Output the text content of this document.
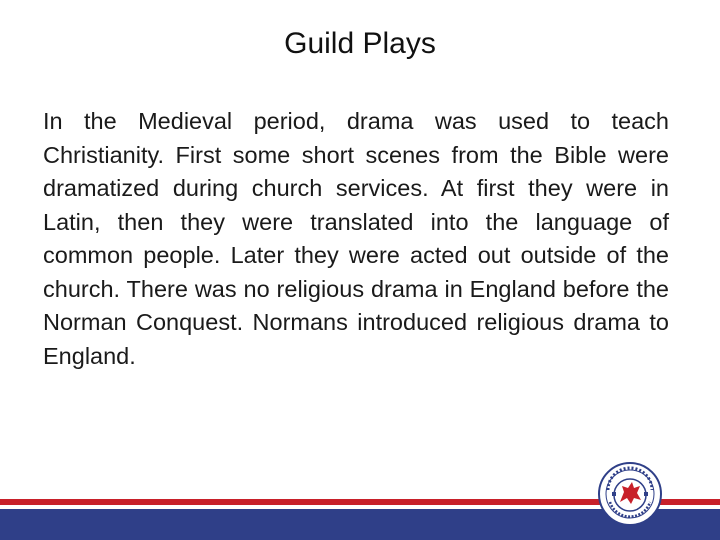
Guild Plays
In the Medieval period, drama was used to teach Christianity. First some short scenes from the Bible were dramatized during church services. At first they were in Latin, then they were translated into the language of common people. Later they were acted out outside of the church. There was no religious drama in England before the Norman Conquest. Normans introduced religious drama to England.
